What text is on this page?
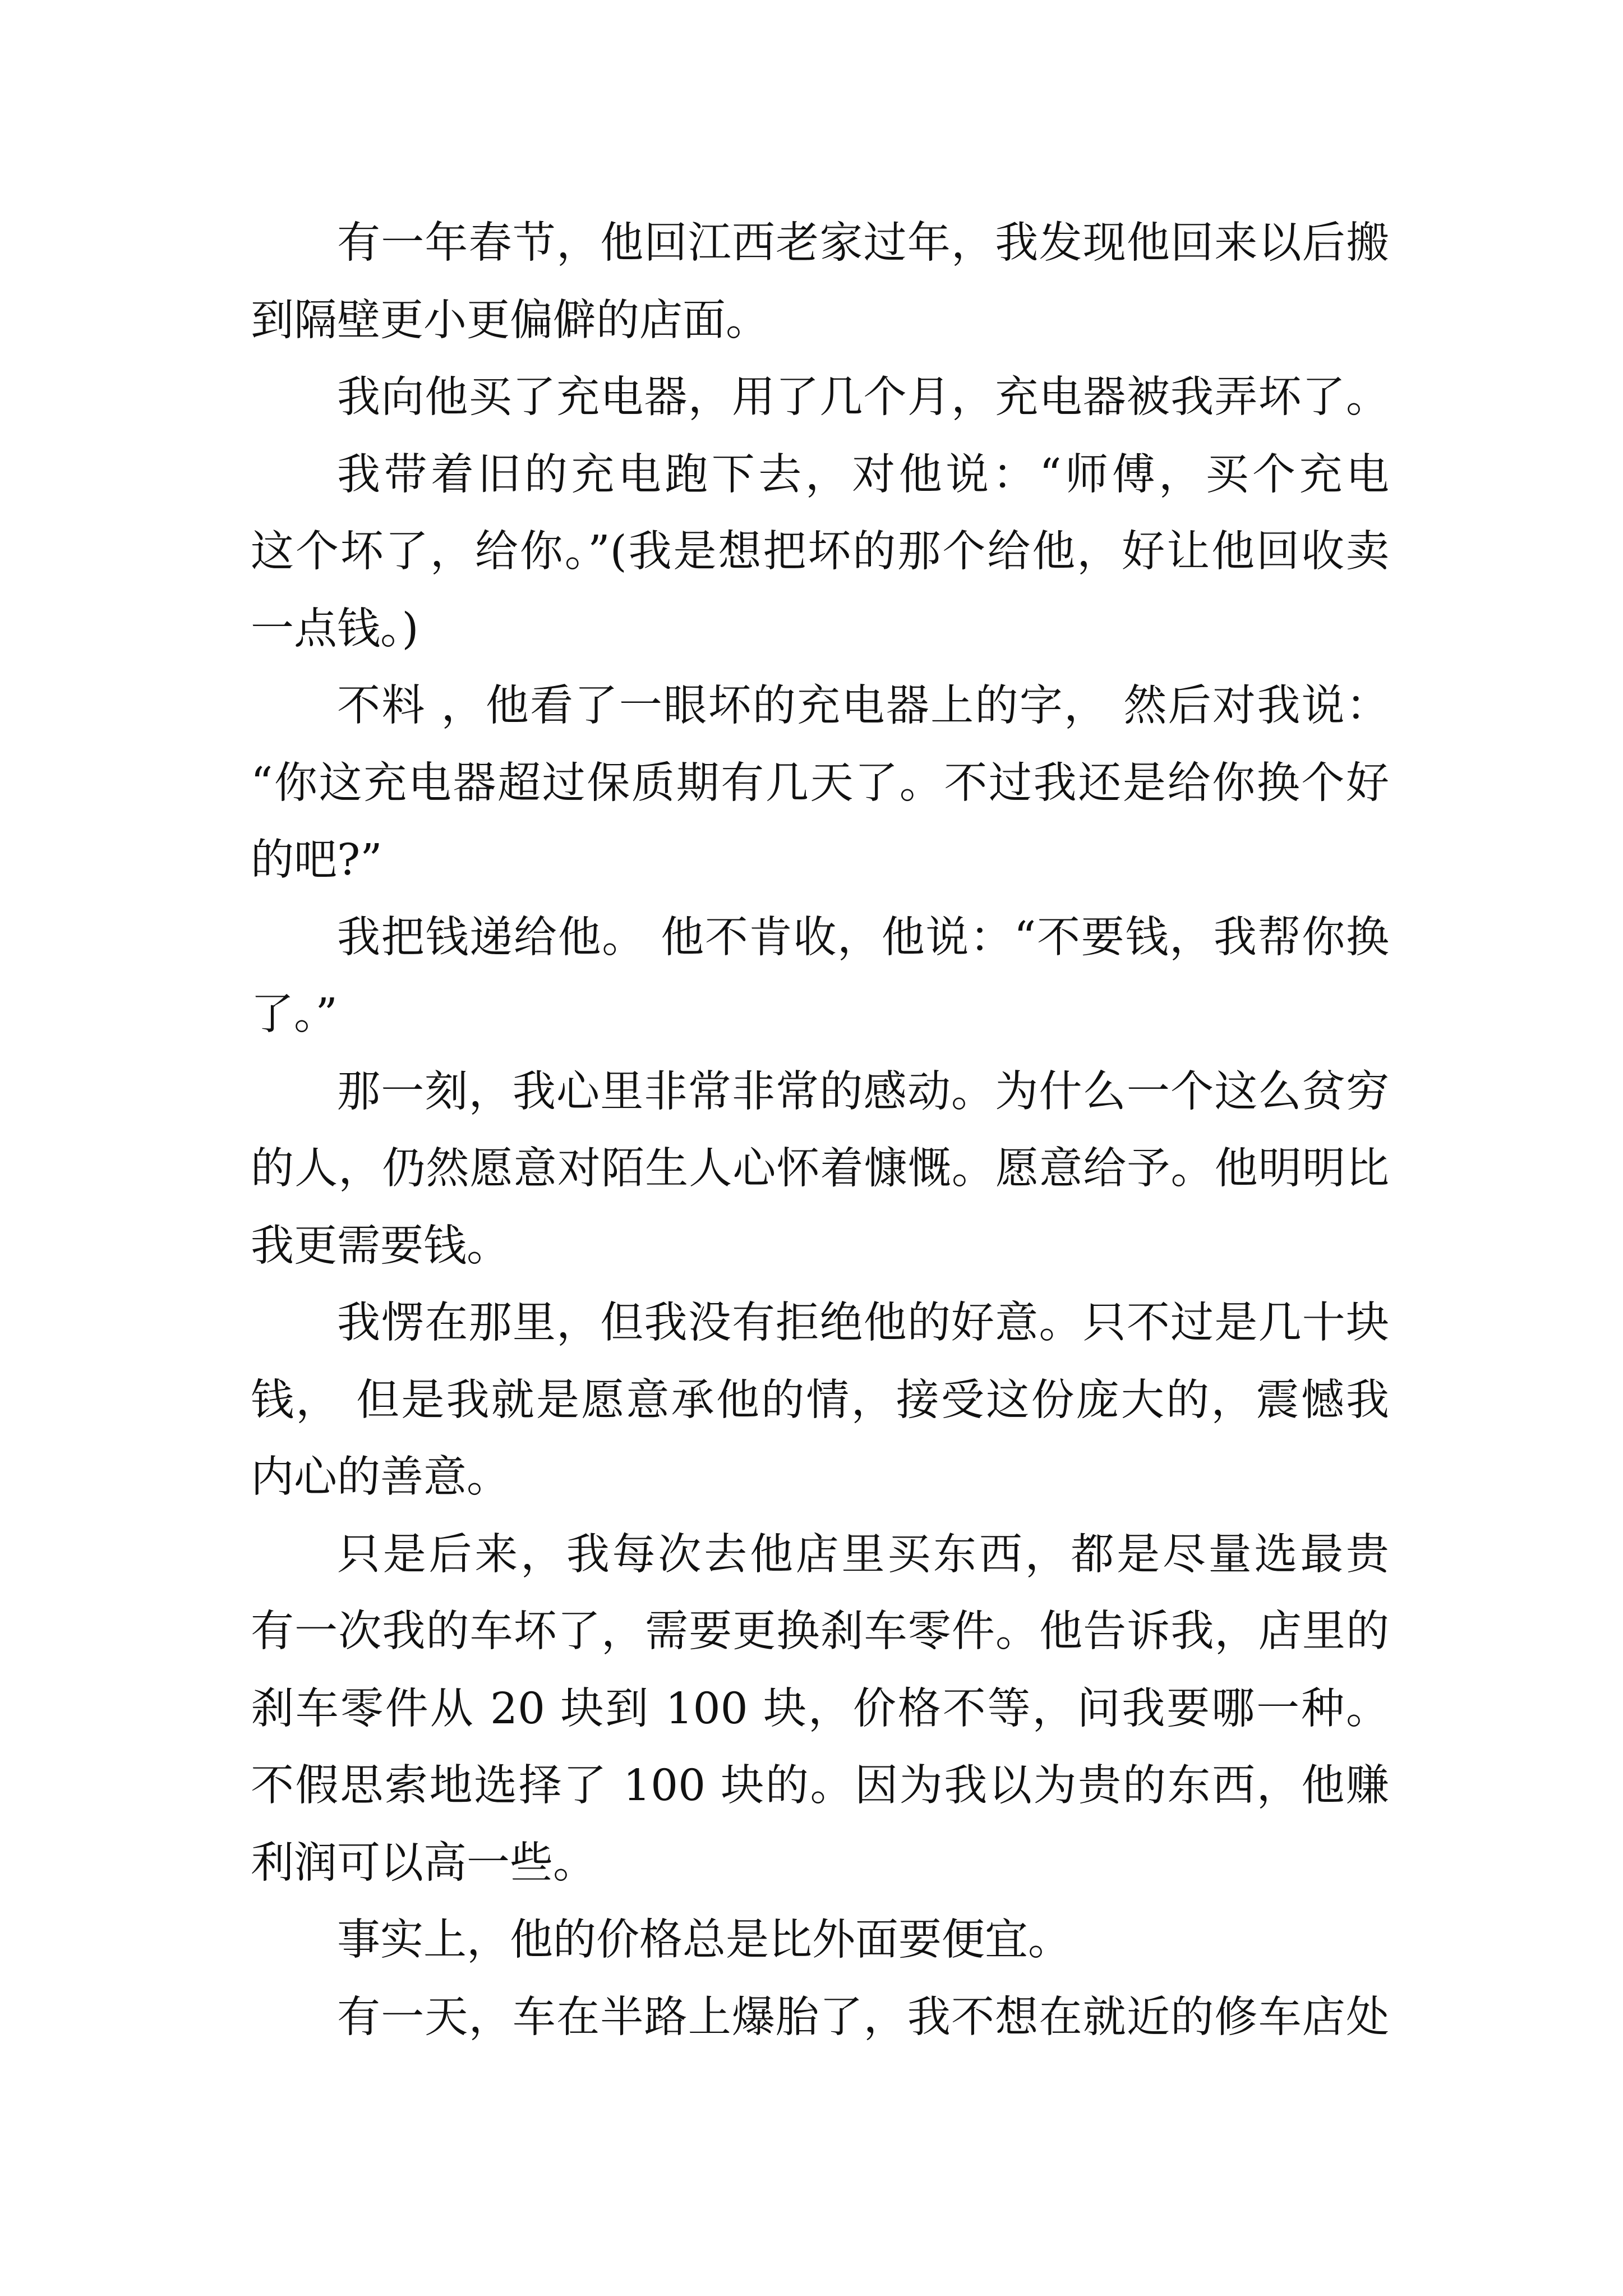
有一年春节，他回江西老家过年，我发现他回来以后搬
到隔壁更小更偏僻的店面。
我向他买了充电器，用了几个月，充电器被我弄坏了。
我带着旧的充电跑下去，对他说：“师傅，买个充电
这个坏了，给你。”(我是想把坏的那个给他，好让他回收卖
一点钱。)
不料 ，他看了一眼坏的充电器上的字， 然后对我说：
“你这充电器超过保质期有几天了。不过我还是给你换个好
的吧?”
我把钱递给他。 他不肯收，他说：“不要钱，我帮你换
了。”
那一刻，我心里非常非常的感动。为什么一个这么贫穷
的人，仍然愿意对陌生人心怀着慷慨。愿意给予。他明明比
我更需要钱。
我愣在那里，但我没有拒绝他的好意。只不过是几十块
钱， 但是我就是愿意承他的情，接受这份庞大的，震憾我
内心的善意。
只是后来，我每次去他店里买东西，都是尽量选最贵
有一次我的车坏了，需要更换刹车零件。他告诉我，店里的
刹车零件从 20 块到 100 块，价格不等，问我要哪一种。
不假思索地选择了 100 块的。因为我以为贵的东西，他赚
利润可以高一些。
事实上，他的价格总是比外面要便宜。
有一天，车在半路上爆胎了，我不想在就近的修车店处
